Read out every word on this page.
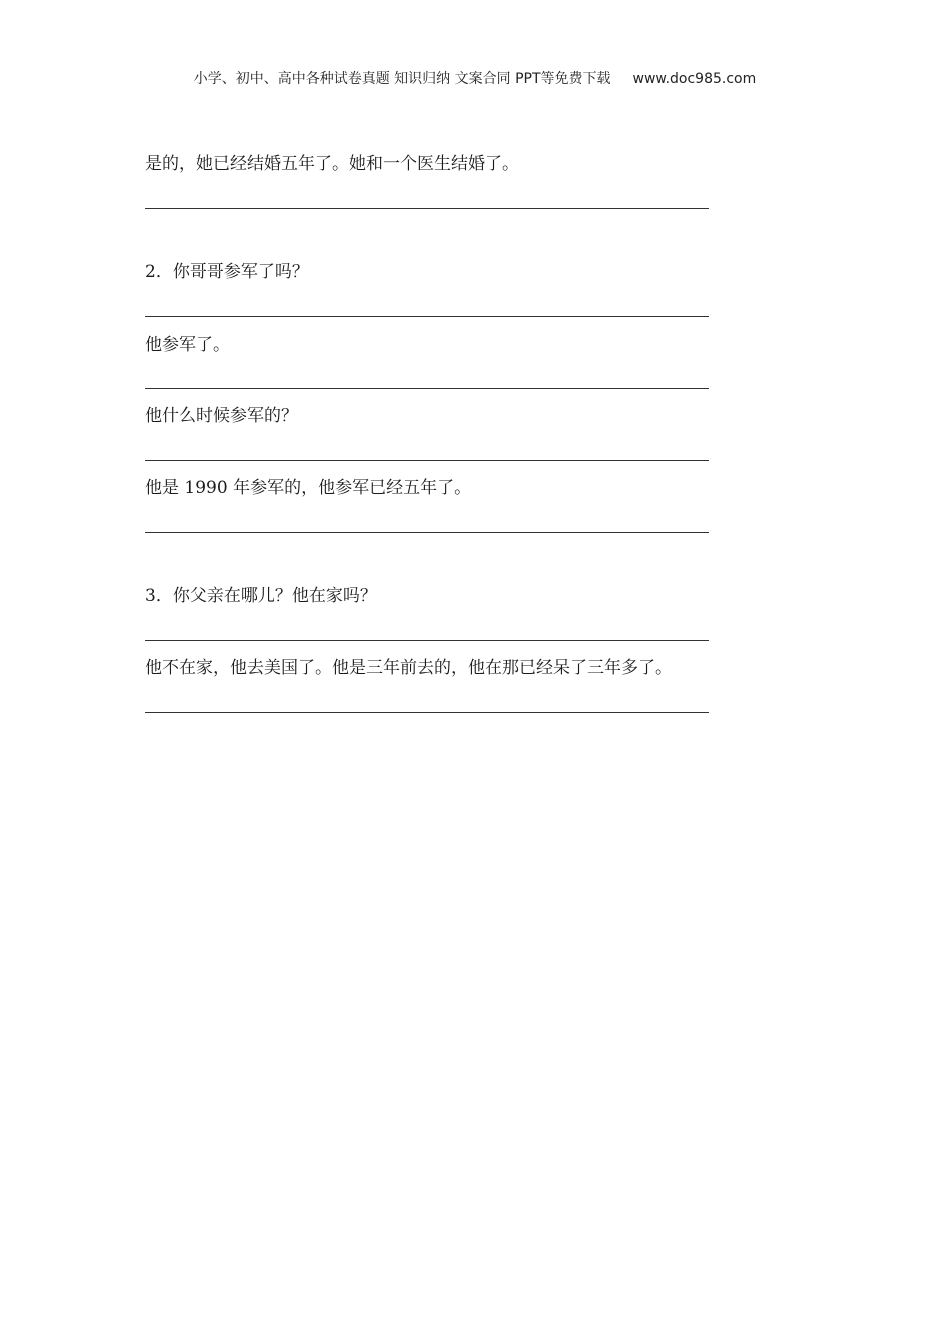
小学、初中、高中各种试卷真题 知识归纳 文案合同 PPT等免费下载 www.doc985.com
是的，她已经结婚五年了。她和一个医生结婚了。
2．你哥哥参军了吗？
他参军了。
他什么时候参军的？
他是 1990 年参军的，他参军已经五年了。
3．你父亲在哪儿？他在家吗？
他不在家，他去美国了。他是三年前去的，他在那已经呆了三年多了。
